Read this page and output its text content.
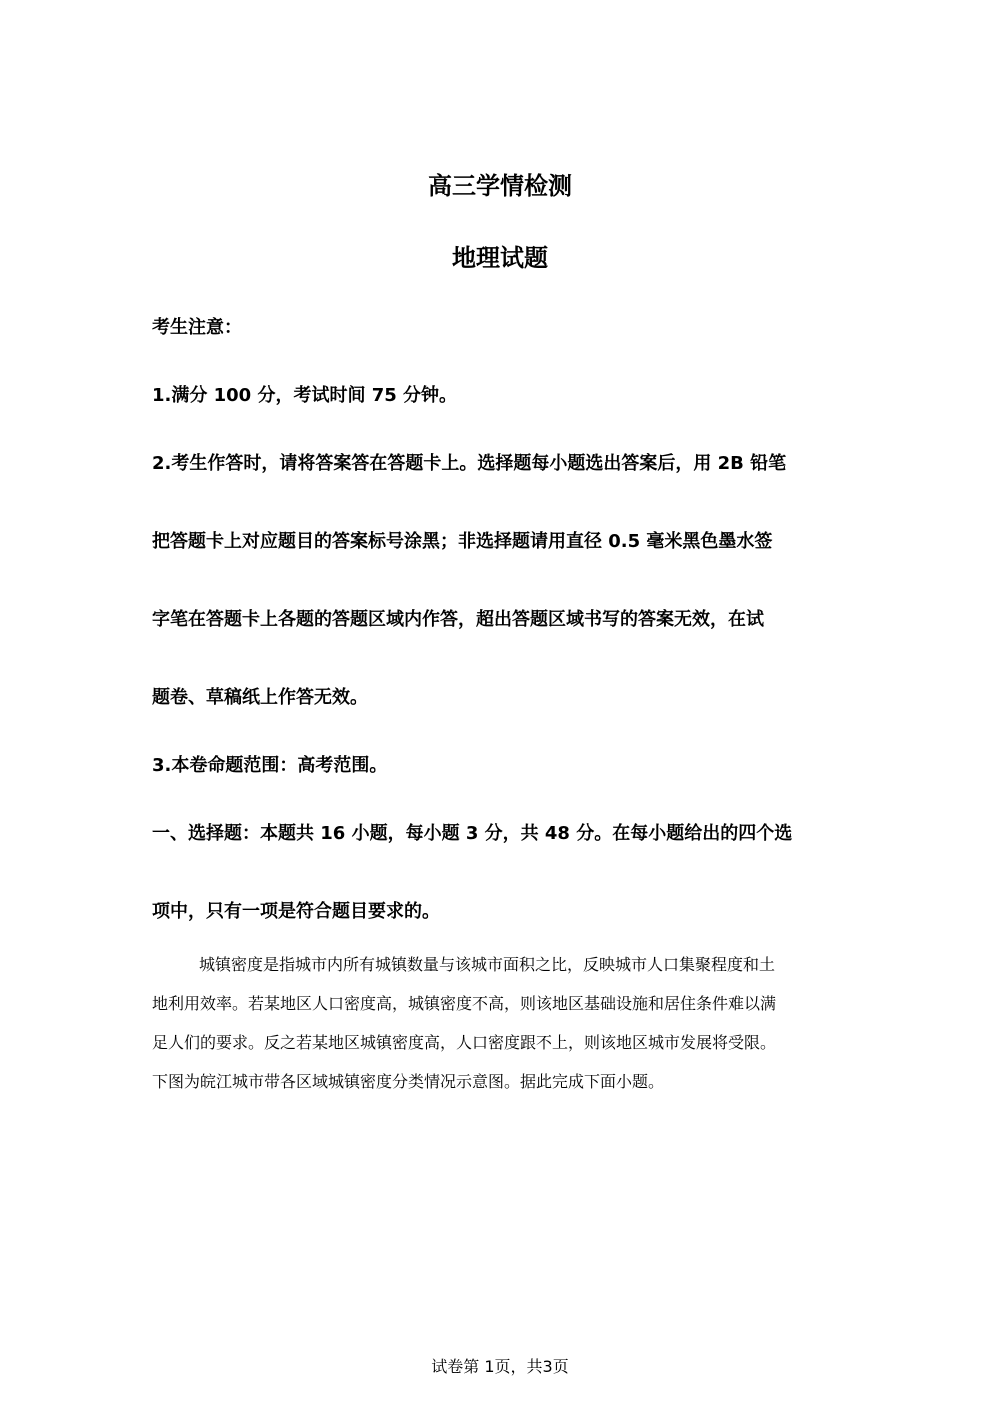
高三学情检测
地理试题
考生注意：
1.满分 100 分，考试时间 75 分钟。
2.考生作答时，请将答案答在答题卡上。选择题每小题选出答案后，用 2B 铅笔
把答题卡上对应题目的答案标号涂黑；非选择题请用直径 0.5 毫米黑色墨水签
字笔在答题卡上各题的答题区域内作答，超出答题区域书写的答案无效，在试
题卷、草稿纸上作答无效。
3.本卷命题范围：高考范围。
一、选择题：本题共 16 小题，每小题 3 分，共 48 分。在每小题给出的四个选
项中，只有一项是符合题目要求的。
城镇密度是指城市内所有城镇数量与该城市面积之比，反映城市人口集聚程度和土
地利用效率。若某地区人口密度高，城镇密度不高，则该地区基础设施和居住条件难以满
足人们的要求。反之若某地区城镇密度高，人口密度跟不上，则该地区城市发展将受限。
下图为皖江城市带各区域城镇密度分类情况示意图。据此完成下面小题。
试卷第 1页，共3页
